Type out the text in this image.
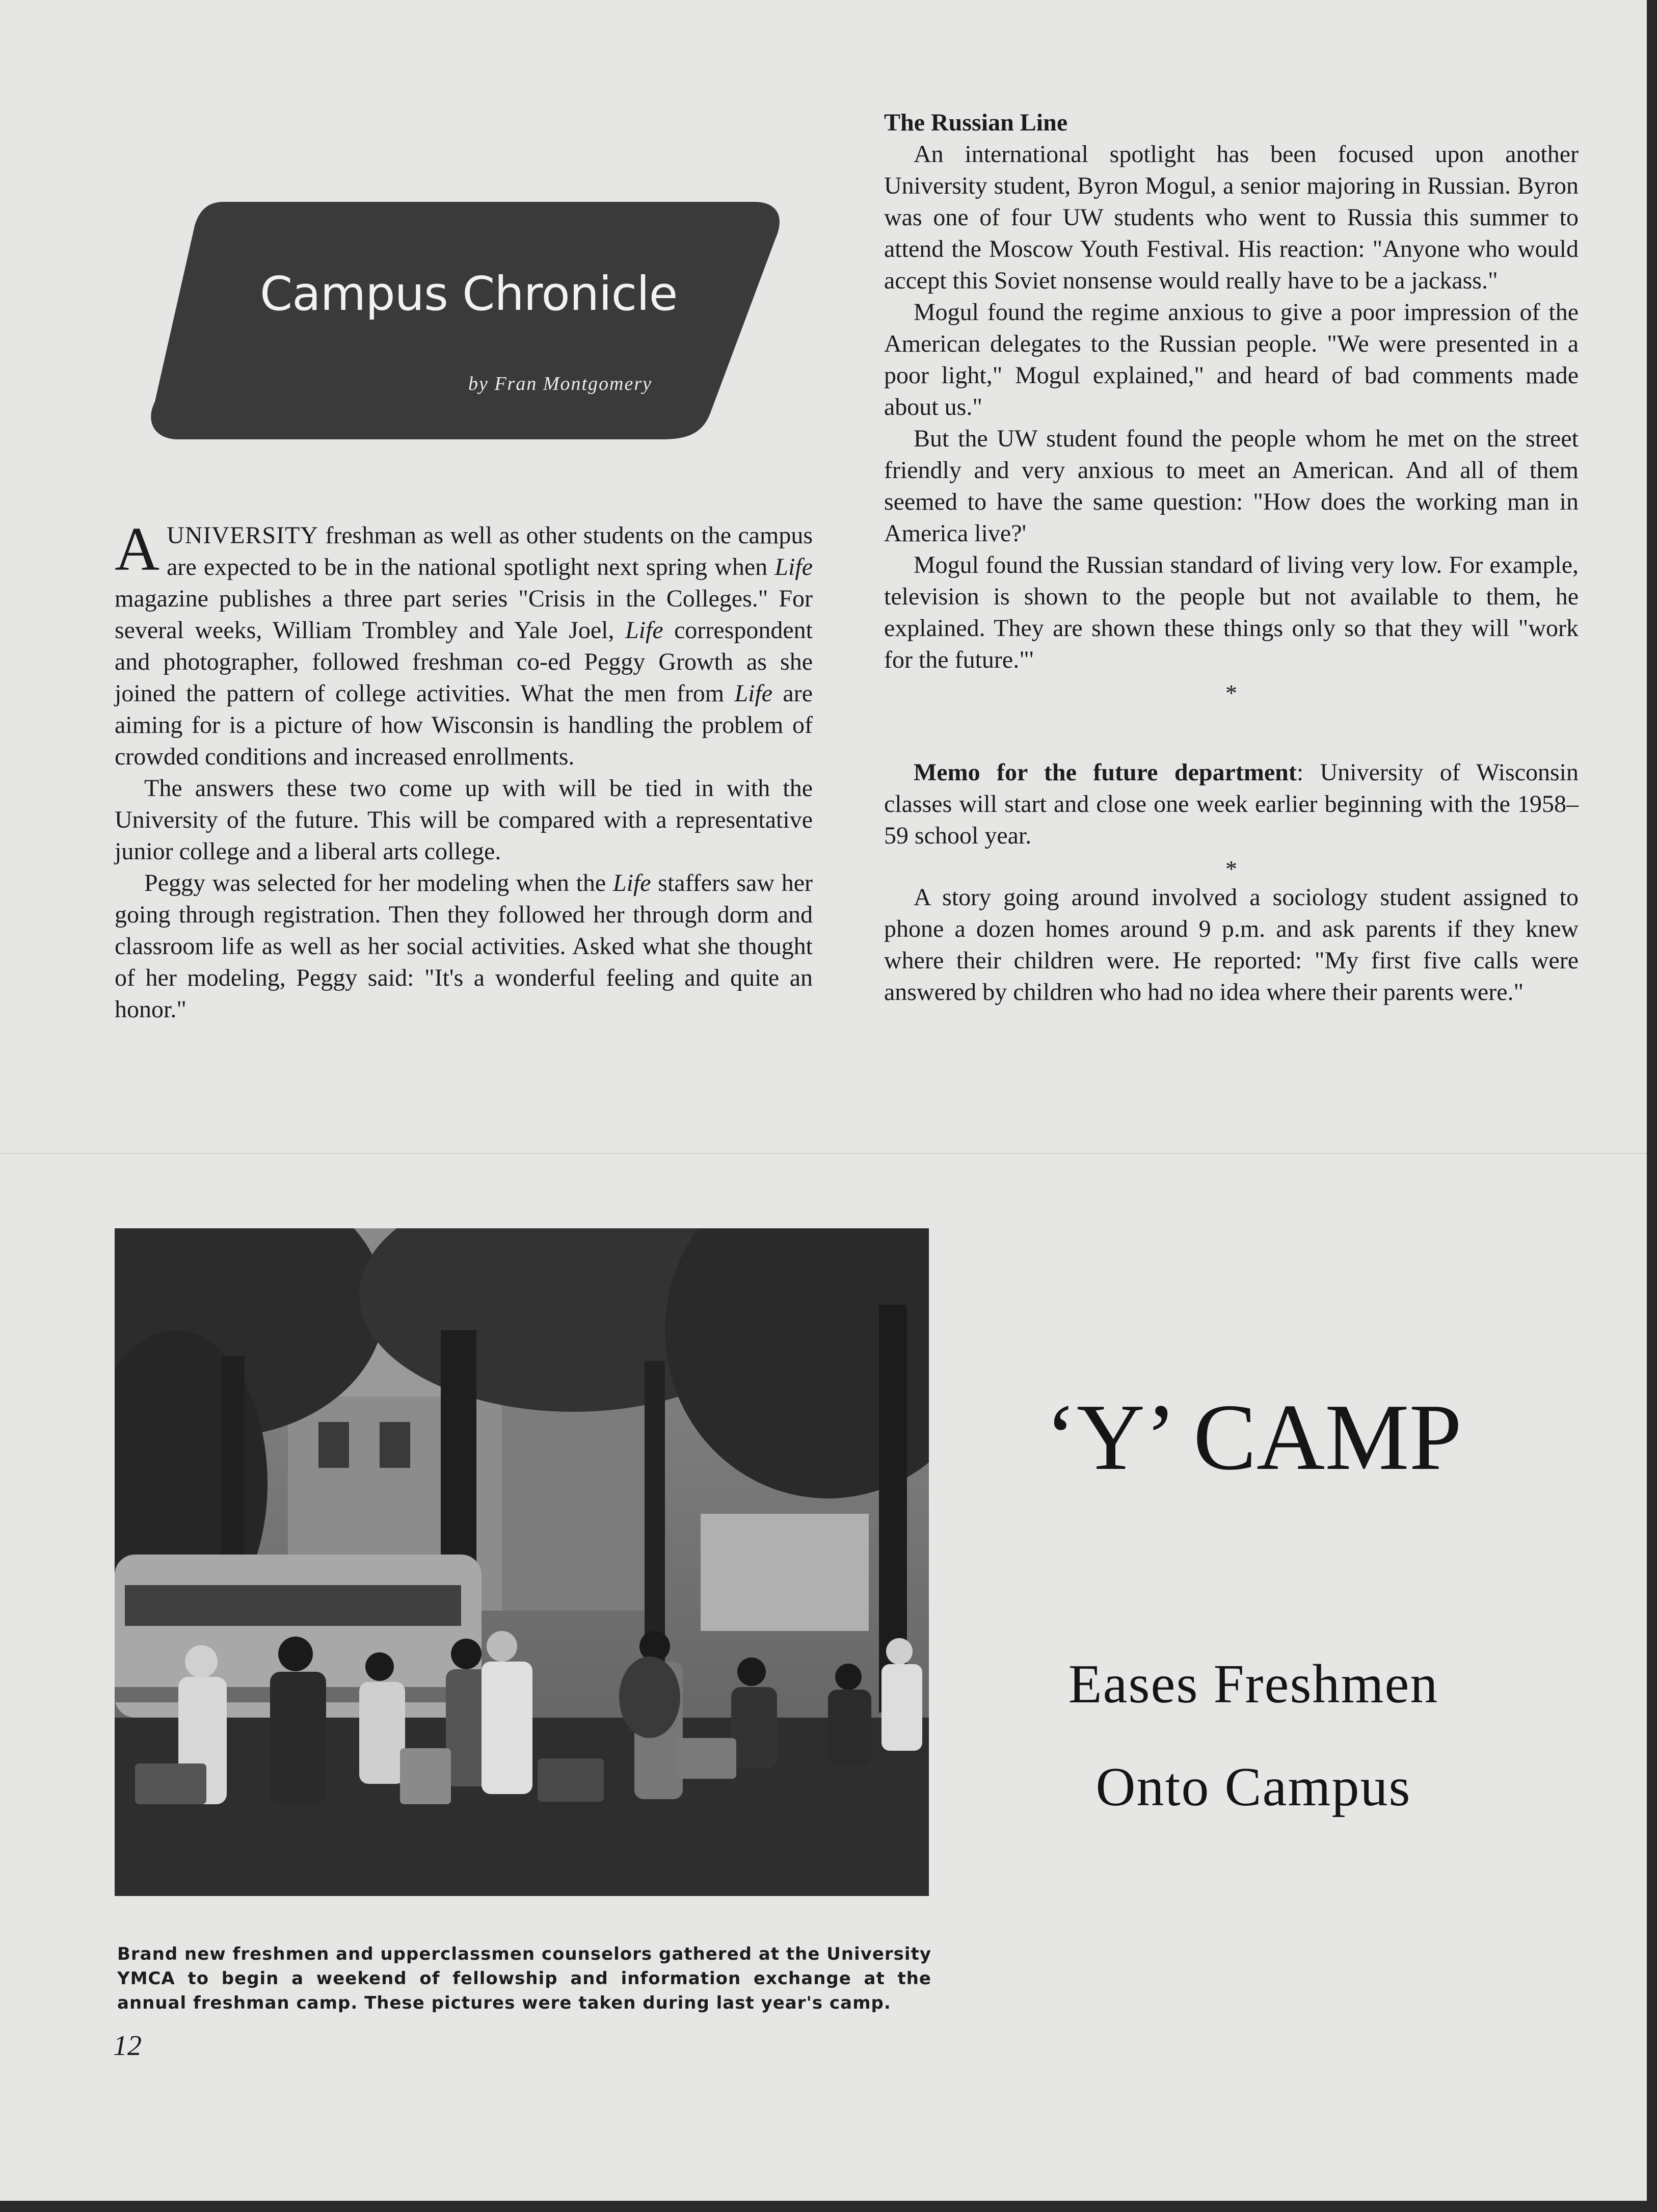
Campus Chronicle
by Fran Montgomery

AUNIVERSITY freshman as well as other students on the campus are expected to be in the national spotlight next spring when Life magazine publishes a three part series "Crisis in the Colleges." For several weeks, William Trombley and Yale Joel, Life correspondent and photographer, followed freshman co-ed Peggy Growth as she joined the pattern of college activities. What the men from Life are aiming for is a picture of how Wisconsin is handling the problem of crowded conditions and increased enrollments.

The answers these two come up with will be tied in with the University of the future. This will be compared with a representative junior college and a liberal arts college.

Peggy was selected for her modeling when the Life staffers saw her going through registration. Then they followed her through dorm and classroom life as well as her social activities. Asked what she thought of her modeling, Peggy said: "It's a wonderful feeling and quite an honor."

The Russian Line

An international spotlight has been focused upon another University student, Byron Mogul, a senior majoring in Russian. Byron was one of four UW students who went to Russia this summer to attend the Moscow Youth Festival. His reaction: "Anyone who would accept this Soviet nonsense would really have to be a jackass."

Mogul found the regime anxious to give a poor impression of the American delegates to the Russian people. "We were presented in a poor light," Mogul explained," and heard of bad comments made about us."

But the UW student found the people whom he met on the street friendly and very anxious to meet an American. And all of them seemed to have the same question: "How does the working man in America live?'

Mogul found the Russian standard of living very low. For example, television is shown to the people but not available to them, he explained. They are shown these things only so that they will "work for the future."'

*

Memo for the future department: University of Wisconsin classes will start and close one week earlier beginning with the 1958–59 school year.

*

A story going around involved a sociology student assigned to phone a dozen homes around 9 p.m. and ask parents if they knew where their children were. He reported: "My first five calls were answered by children who had no idea where their parents were."

Brand new freshmen and upperclassmen counselors gathered at the University YMCA to begin a weekend of fellowship and information exchange at the annual freshman camp. These pictures were taken during last year's camp.
12
‘Y’ CAMP
Eases Freshmen
Onto Campus
